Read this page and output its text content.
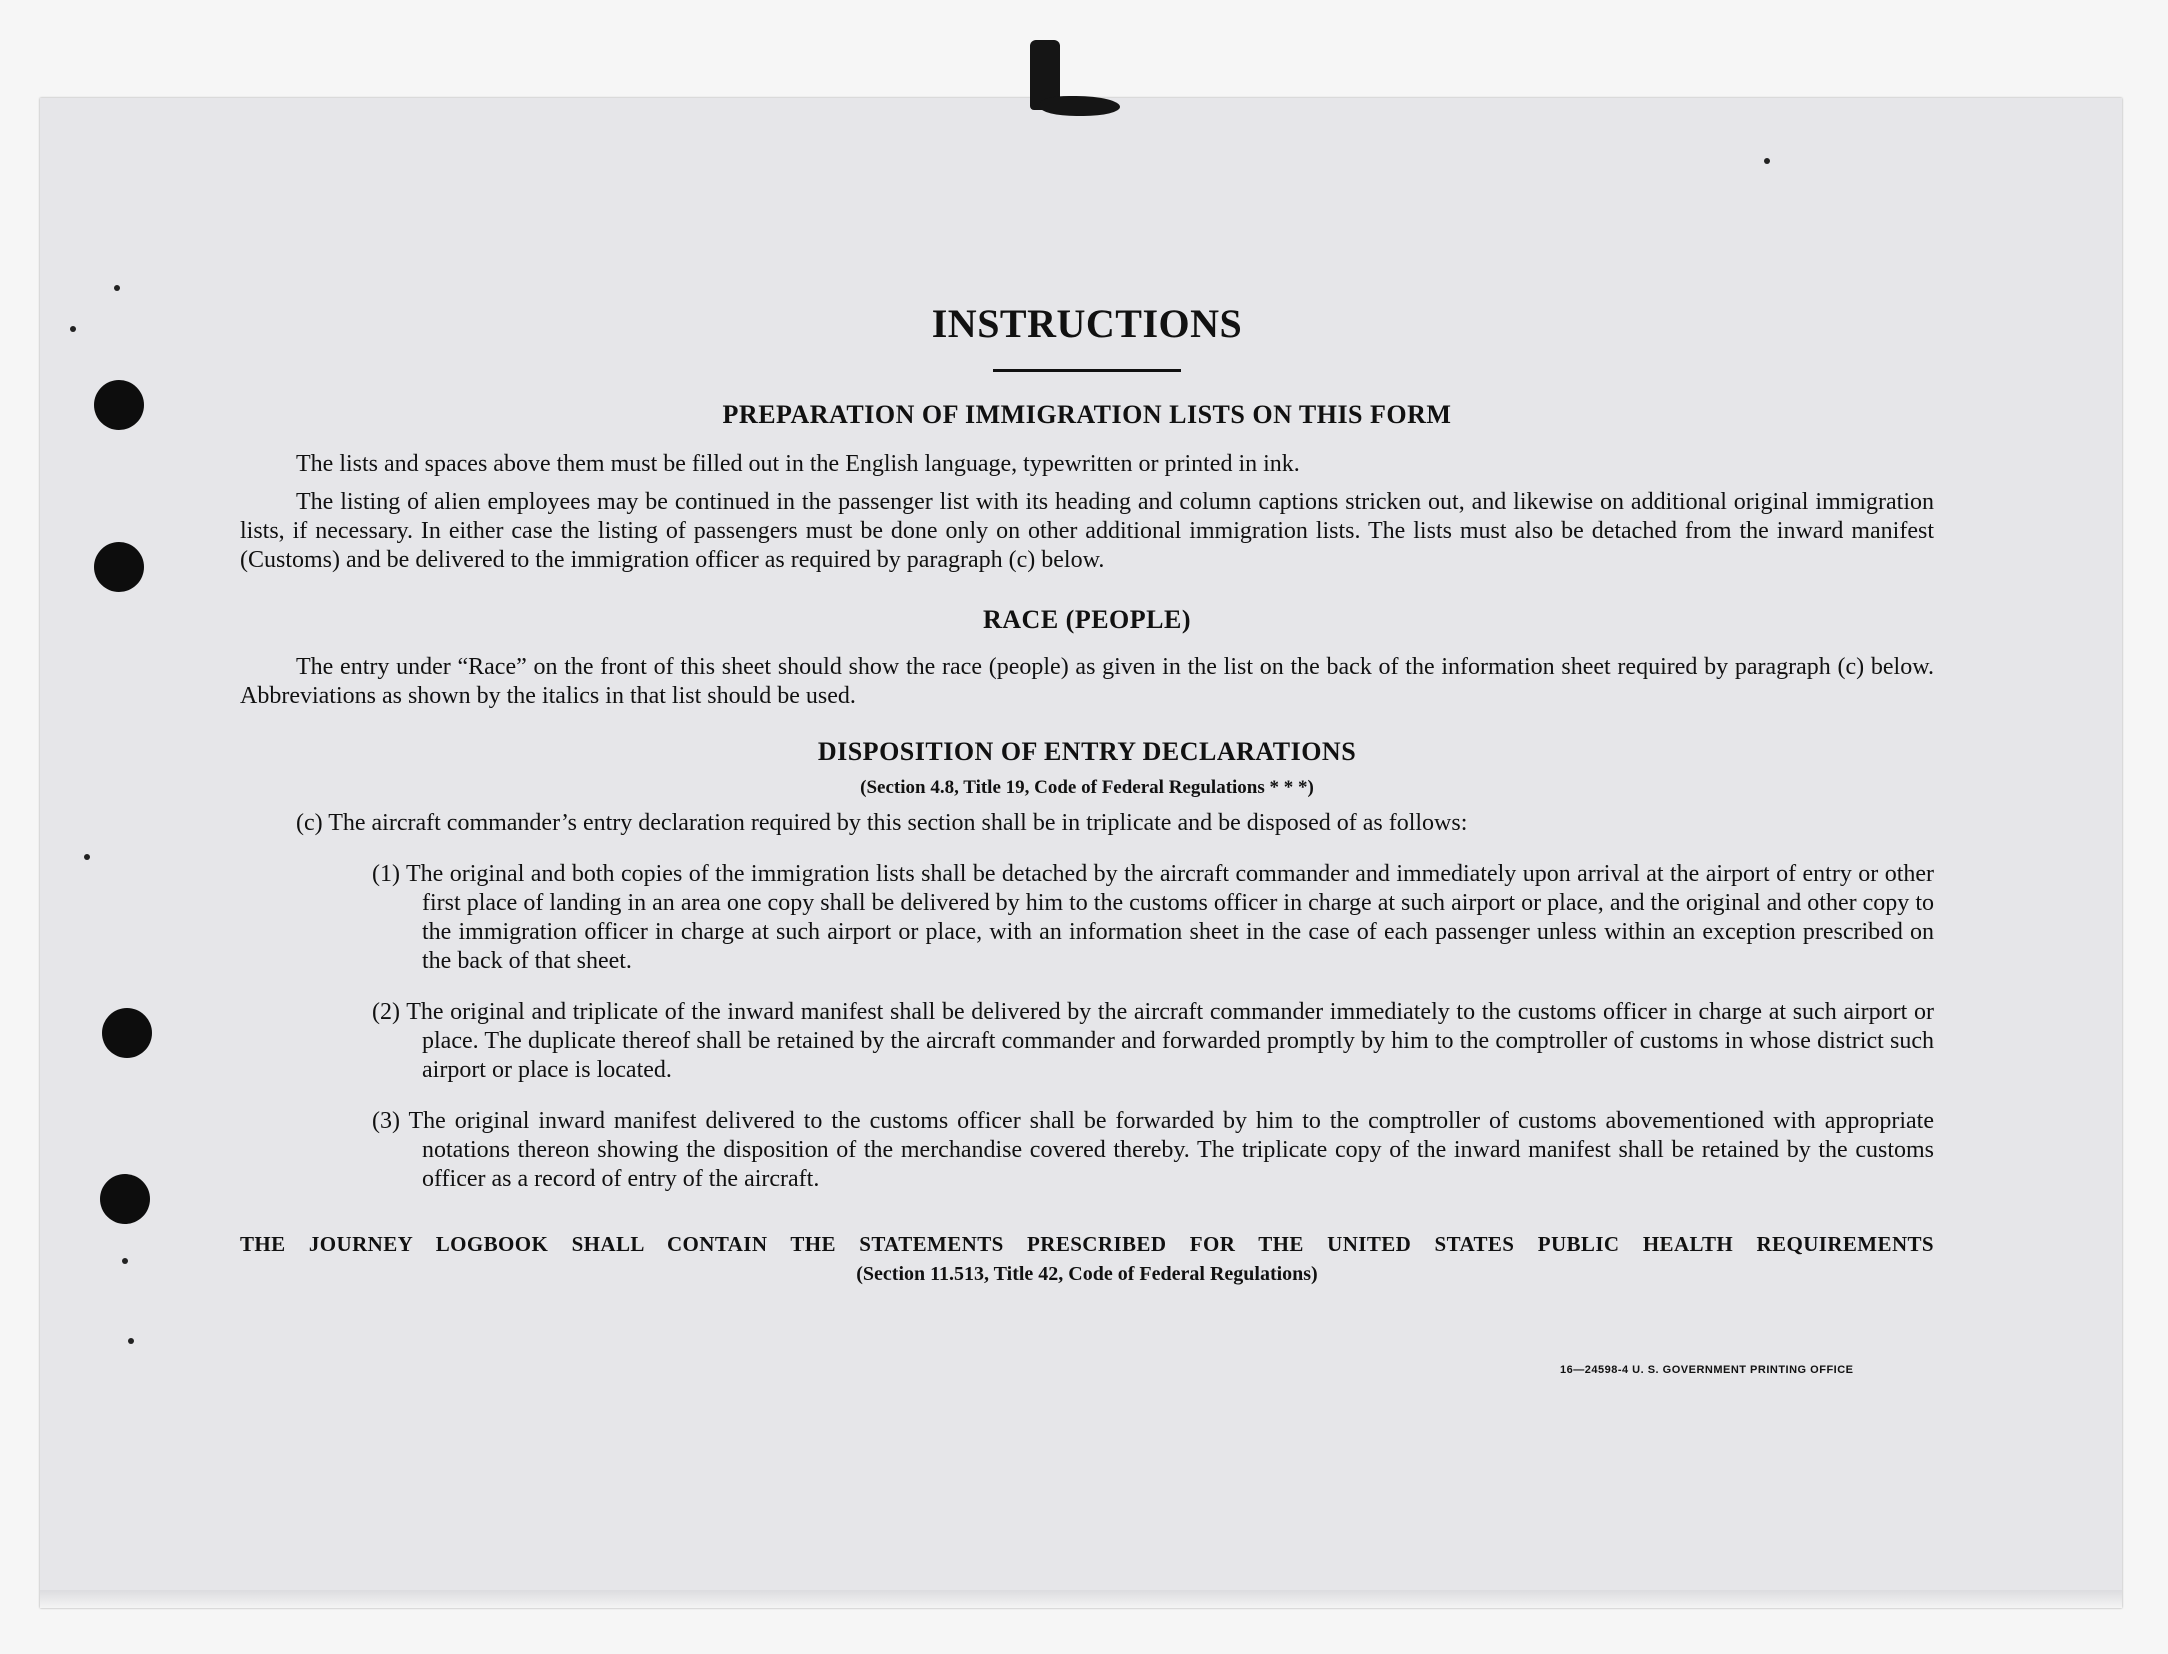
INSTRUCTIONS
PREPARATION OF IMMIGRATION LISTS ON THIS FORM

The lists and spaces above them must be filled out in the English language, typewritten or printed in ink.

The listing of alien employees may be continued in the passenger list with its heading and column captions stricken out, and likewise on additional original immigration lists, if necessary. In either case the listing of passengers must be done only on other additional immigration lists. The lists must also be detached from the inward manifest (Customs) and be delivered to the immigration officer as required by paragraph (c) below.

RACE (PEOPLE)

The entry under “Race” on the front of this sheet should show the race (people) as given in the list on the back of the information sheet required by paragraph (c) below. Abbreviations as shown by the italics in that list should be used.

DISPOSITION OF ENTRY DECLARATIONS
(Section 4.8, Title 19, Code of Federal Regulations * * *)

(c) The aircraft commander’s entry declaration required by this section shall be in triplicate and be disposed of as follows:

(1) The original and both copies of the immigration lists shall be detached by the aircraft commander and immediately upon arrival at the airport of entry or other first place of landing in an area one copy shall be delivered by him to the customs officer in charge at such airport or place, and the original and other copy to the immigration officer in charge at such airport or place, with an information sheet in the case of each passenger unless within an exception prescribed on the back of that sheet.

(2) The original and triplicate of the inward manifest shall be delivered by the aircraft commander immediately to the customs officer in charge at such airport or place. The duplicate thereof shall be retained by the aircraft commander and forwarded promptly by him to the comptroller of customs in whose district such airport or place is located.

(3) The original inward manifest delivered to the customs officer shall be forwarded by him to the comptroller of customs abovementioned with appropriate notations thereon showing the disposition of the merchandise covered thereby. The triplicate copy of the inward manifest shall be retained by the customs officer as a record of entry of the aircraft.

THE JOURNEY LOGBOOK SHALL CONTAIN THE STATEMENTS PRESCRIBED FOR THE UNITED STATES PUBLIC HEALTH REQUIREMENTS

(Section 11.513, Title 42, Code of Federal Regulations)
16—24598-4 U. S. GOVERNMENT PRINTING OFFICE
